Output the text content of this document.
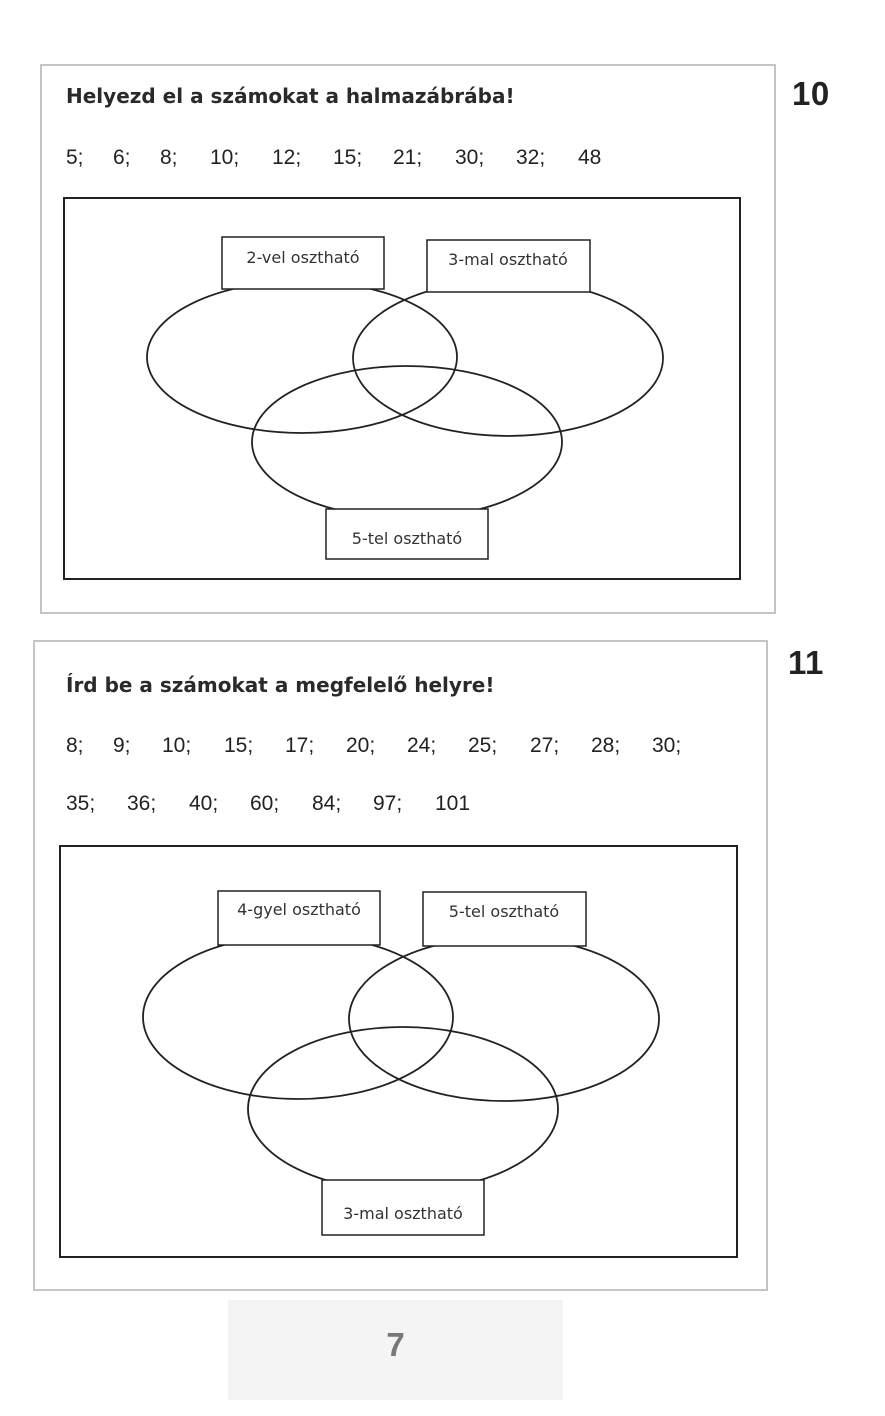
10
Helyezd el a számokat a halmazábrába!
5; 6; 8; 10; 12; 15; 21; 30; 32; 48
11
Írd be a számokat a megfelelő helyre!
8; 9; 10; 15; 17; 20; 24; 25; 27; 28; 30;
35; 36; 40; 60; 84; 97; 101
2-vel osztható	3-mal osztható
5-tel osztható
4-gyel osztható	5-tel osztható
3-mal osztható
7
